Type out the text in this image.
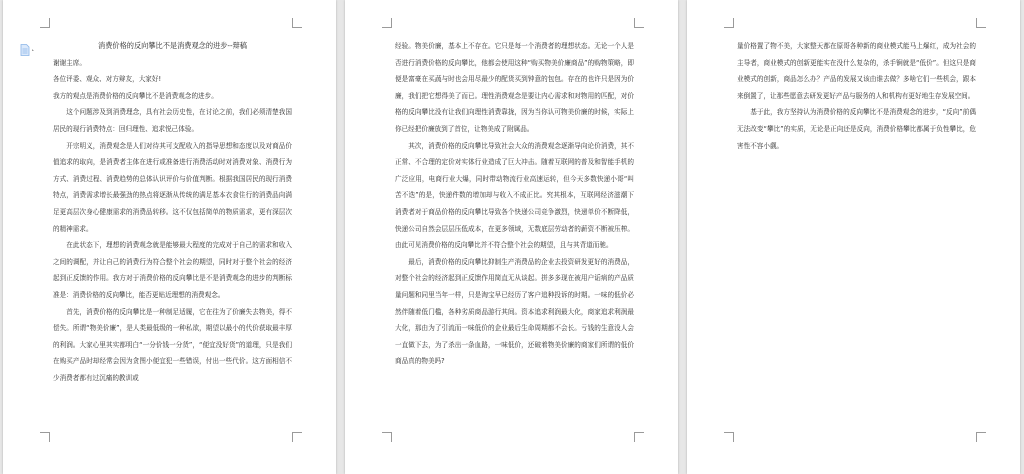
消费价格的反向攀比不是消费观念的进步--辩稿

谢谢主席。

各位评委、观众、对方辩友，大家好!

我方的观点是消费价格的反向攀比不是消费观念的进步。

这个问题涉及到消费理念，具有社会历史性，在讨论之前，我们必须清楚我国居民的现行消费特点：回归理性、追求悦己体验。

开宗明义，消费观念是人们对待其可支配收入的指导思想和态度以及对商品价值追求的取向，是消费者主体在进行或准备进行消费活动时对消费对象、消费行为方式、消费过程、消费趋势的总体认识评价与价值判断。根据我国居民的现行消费特点，消费需求增长最强劲的热点将逐渐从传统的满足基本衣食住行的消费品向满足更高层次身心健康需求的消费品转移。这不仅包括简单的物质需求，更有深层次的精神需求。

在此状态下，理想的消费观念就是能够最大程度的完成对于自己的需求和收入之间的调配，并让自己的消费行为符合整个社会的期望，同时对于整个社会的经济起到正反馈的作用。我方对于消费价格的反向攀比是不是消费观念的进步的判断标准是：消费价格的反向攀比，能否更贴近理想的消费观念。

首先，消费价格的反向攀比是一种制足适履，它在往为了价廉失去物美，得不偿失。所谓“物美价廉”，是人类最低级的一种私欲，期望以最小的代价获取最丰厚的利润。大家心里其实都明白“一分价钱一分货”，“便宜没好货”的道理，只是我们在购买产品时却经常会因为贪图小便宜犯一些错误，付出一些代价。这方面相信不少消费者都有过沉痛的教训或

经验。物美价廉，基本上不存在。它只是每一个消费者的理想状态。无论一个人是否进行消费价格的反向攀比，他都会使用这种“购买物美价廉商品”的购物策略，即便是富豪在买蔬与时也会用尽最少的配货买到钟意的包包。存在的也许只是因为价廉，我们把它想得美了而已。理性消费观念是要让内心需求和对物用的匹配，对价格的反向攀比没有让我们向理性消费靠拢，因为当你认可物美价廉的时候，实际上你已经把价廉放到了首位，让物美成了附属品。

其次，消费价格的反向攀比导致社会大众的消费观念逐渐导向论价消费，其不正常、不合理的定价对实体行业造成了巨大冲击。随着互联网的普及和智能手机的广泛应用，电商行业大爆，同时带动物流行业高速运转，但今天多数快递小哥“叫苦不迭”的是，快递件数的增加却与收入不成正比。究其根本，互联网经济滋潮下消费者对于商品价格的反向攀比导致各个快递公司竞争激烈，快递单价不断降低，快递公司自然会层层压低成本，在更多领域，无数底层劳动者的薪资不断被压榨。由此可见消费价格的反向攀比并不符合整个社会的期望，且与其背道而驰。

最后，消费价格的反向攀比抑制生产消费品的企业去投资研发更好的消费品，对整个社会的经济起到正反馈作用简直无从谈起。拼多多现在被用户诟病的产品质量问题和同里当年一样，只是淘宝早已经历了客户追种投诉的时期。一味的低价必然伴随着低门槛，各种劣质商品游行其间。资本追求利润最大化，商家追求利润最大化，那由为了引流而一味低价的企业最后生命周期都不会长。亏钱的生意没人会一直做下去，为了杀出一条血路，一味低价，还破着物美价廉的商家们所谓的低价商品真的物美吗?

量价格置了物不美，大家整天都在原哥各种新的商业模式能马上爆红，成为社会的主导者，商业模式的创新更能实在没什么复杂的，杀手锏就是“低价”。但这只是商业模式的创新，商品怎么办？产品的发展又该由谁去做？多啥它们一些机会，跟本来倒置了，让那些愿意去研发更好产品与服务的人和机构有更好地生存发展空间。

基于此，我方坚持认为消费价格的反向攀比不是消费观念的进步，“反向”前偶无法改变“攀比”的实质，无论是正向还是反向，消费价格攀比都属于负性攀比，危害性不容小觑。
